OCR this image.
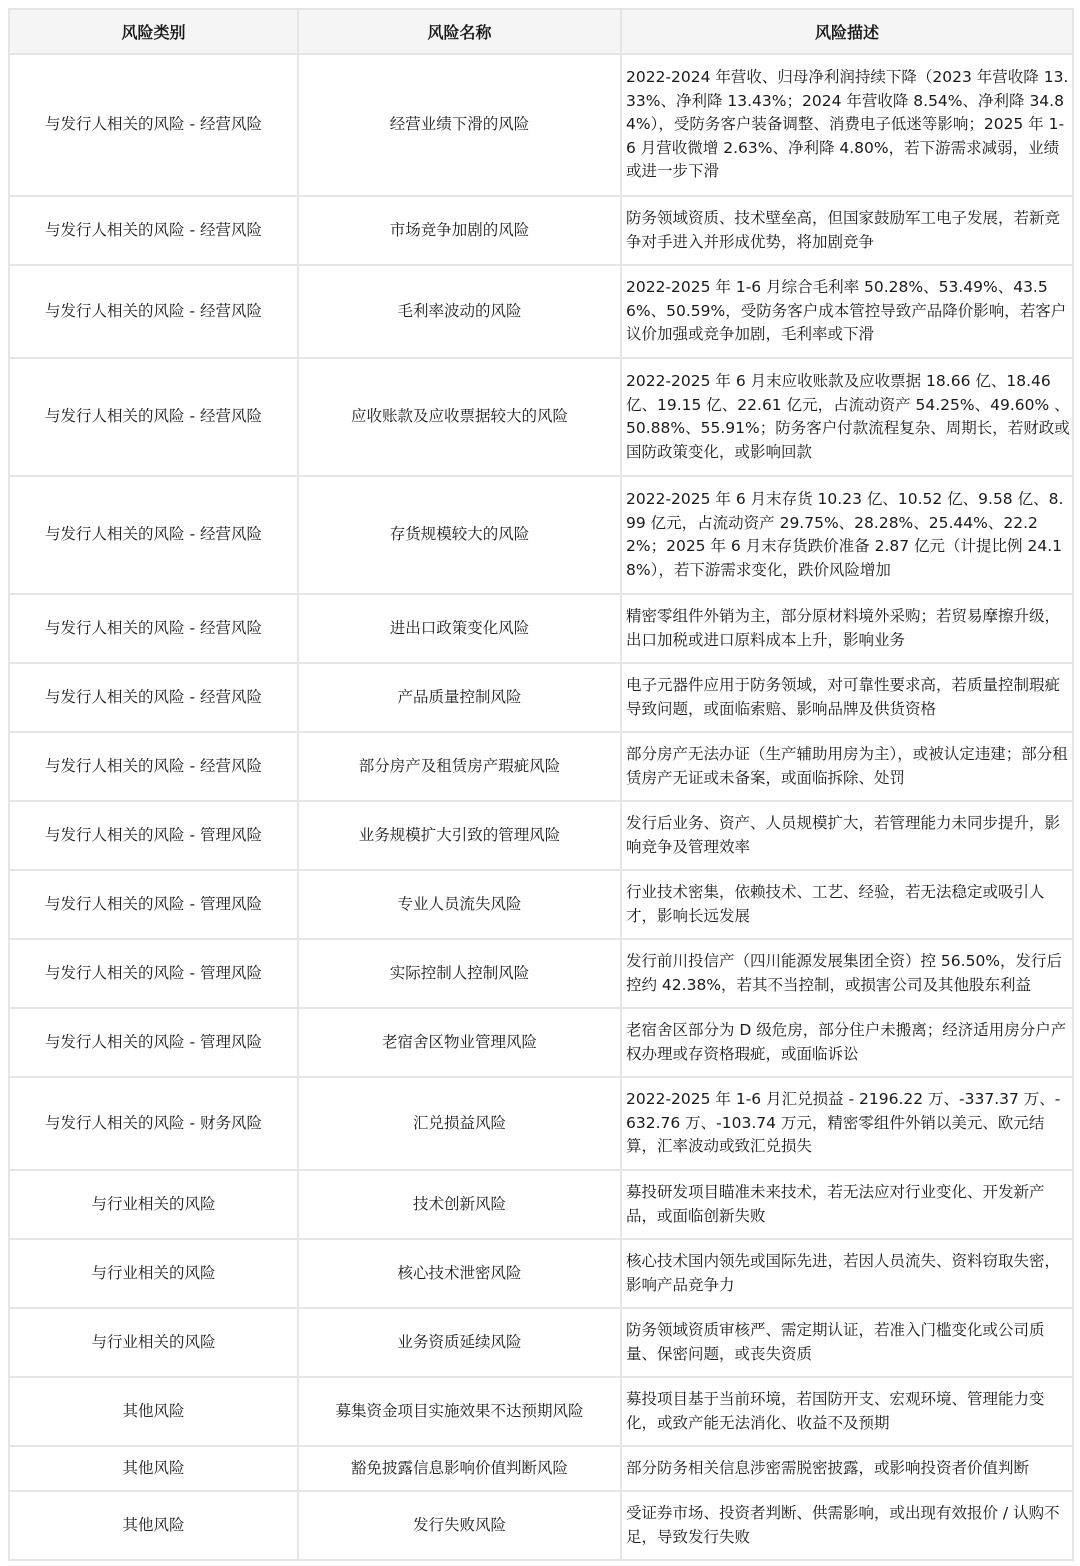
风险类别	风险名称	风险描述
与发行人相关的风险 - 经营风险	经营业绩下滑的风险	2022-2024 年营收、归母净利润持续下降（2023 年营收降 13.33%、净利降 13.43%；2024 年营收降 8.54%、净利降 34.84%），受防务客户装备调整、消费电子低迷等影响；2025 年 1-6 月营收微增 2.63%、净利降 4.80%，若下游需求减弱，业绩或进一步下滑
与发行人相关的风险 - 经营风险	市场竞争加剧的风险	防务领域资质、技术壁垒高，但国家鼓励军工电子发展，若新竞争对手进入并形成优势，将加剧竞争
与发行人相关的风险 - 经营风险	毛利率波动的风险	2022-2025 年 1-6 月综合毛利率 50.28%、53.49%、43.56%、50.59%，受防务客户成本管控导致产品降价影响，若客户议价加强或竞争加剧，毛利率或下滑
与发行人相关的风险 - 经营风险	应收账款及应收票据较大的风险	2022-2025 年 6 月末应收账款及应收票据 18.66 亿、18.46 亿、19.15 亿、22.61 亿元，占流动资产 54.25%、49.60% 、50.88%、55.91%；防务客户付款流程复杂、周期长，若财政或国防政策变化，或影响回款
与发行人相关的风险 - 经营风险	存货规模较大的风险	2022-2025 年 6 月末存货 10.23 亿、10.52 亿、9.58 亿、8.99 亿元，占流动资产 29.75%、28.28%、25.44%、22.22%；2025 年 6 月末存货跌价准备 2.87 亿元（计提比例 24.18%），若下游需求变化，跌价风险增加
与发行人相关的风险 - 经营风险	进出口政策变化风险	精密零组件外销为主，部分原材料境外采购；若贸易摩擦升级，出口加税或进口原料成本上升，影响业务
与发行人相关的风险 - 经营风险	产品质量控制风险	电子元器件应用于防务领域，对可靠性要求高，若质量控制瑕疵导致问题，或面临索赔、影响品牌及供货资格
与发行人相关的风险 - 经营风险	部分房产及租赁房产瑕疵风险	部分房产无法办证（生产辅助用房为主），或被认定违建；部分租赁房产无证或未备案，或面临拆除、处罚
与发行人相关的风险 - 管理风险	业务规模扩大引致的管理风险	发行后业务、资产、人员规模扩大，若管理能力未同步提升，影响竞争及管理效率
与发行人相关的风险 - 管理风险	专业人员流失风险	行业技术密集，依赖技术、工艺、经验，若无法稳定或吸引人才，影响长远发展
与发行人相关的风险 - 管理风险	实际控制人控制风险	发行前川投信产（四川能源发展集团全资）控 56.50%，发行后控约 42.38%，若其不当控制，或损害公司及其他股东利益
与发行人相关的风险 - 管理风险	老宿舍区物业管理风险	老宿舍区部分为 D 级危房，部分住户未搬离；经济适用房分户产权办理或存资格瑕疵，或面临诉讼
与发行人相关的风险 - 财务风险	汇兑损益风险	2022-2025 年 1-6 月汇兑损益 - 2196.22 万、-337.37 万、-632.76 万、-103.74 万元，精密零组件外销以美元、欧元结算，汇率波动或致汇兑损失
与行业相关的风险	技术创新风险	募投研发项目瞄准未来技术，若无法应对行业变化、开发新产品，或面临创新失败
与行业相关的风险	核心技术泄密风险	核心技术国内领先或国际先进，若因人员流失、资料窃取失密，影响产品竞争力
与行业相关的风险	业务资质延续风险	防务领域资质审核严、需定期认证，若准入门槛变化或公司质量、保密问题，或丧失资质
其他风险	募集资金项目实施效果不达预期风险	募投项目基于当前环境，若国防开支、宏观环境、管理能力变化，或致产能无法消化、收益不及预期
其他风险	豁免披露信息影响价值判断风险	部分防务相关信息涉密需脱密披露，或影响投资者价值判断
其他风险	发行失败风险	受证券市场、投资者判断、供需影响，或出现有效报价 / 认购不足，导致发行失败
